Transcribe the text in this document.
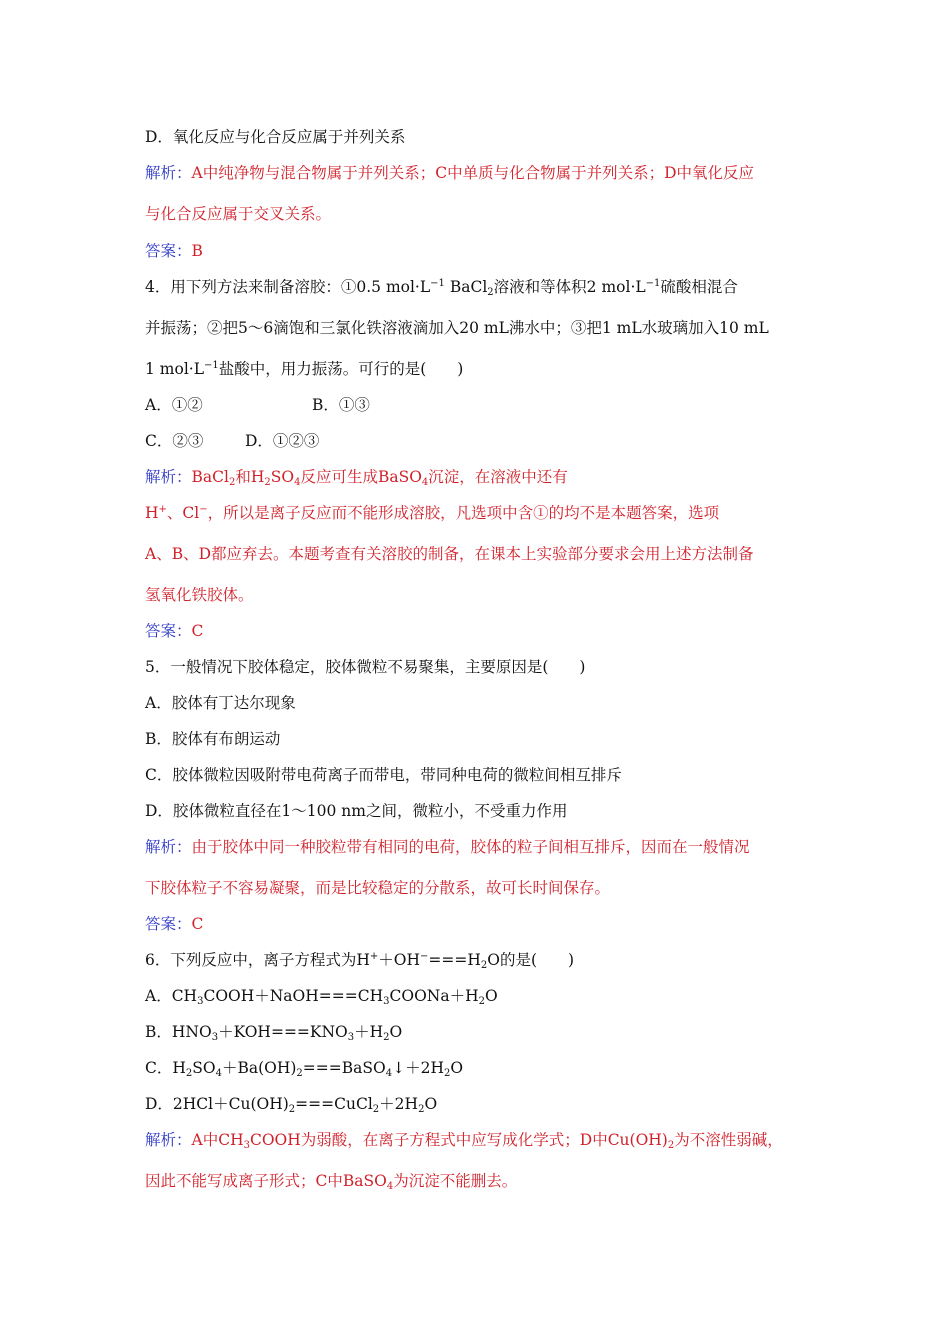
D．氧化反应与化合反应属于并列关系
解析：A中纯净物与混合物属于并列关系；C中单质与化合物属于并列关系；D中氧化反应
与化合反应属于交叉关系。
答案：B
4．用下列方法来制备溶胶：①0.5 $mol\cdot L^{-1}$ BaCl$_2$溶液和等体积2 $mol\cdot L^{-1}$硫酸相混合
并振荡；②把5～6滴饱和三氯化铁溶液滴加入20 mL沸水中；③把1 mL水玻璃加入10 mL
1 $mol\cdot L^{-1}$盐酸中，用力振荡。可行的是(　　)
A．①②	B．①③
C．②③	D．①②③
解析：BaCl$_2$和$H_2SO_4$反应可生成BaSO$_4$沉淀，在溶液中还有
H+、Cl−，所以是离子反应而不能形成溶胶，凡选项中含①的均不是本题答案，选项
A、B、D都应弃去。本题考查有关溶胶的制备，在课本上实验部分要求会用上述方法制备
氢氧化铁胶体。
答案：C
5．一般情况下胶体稳定，胶体微粒不易聚集，主要原因是(　　)
A．胶体有丁达尔现象
B．胶体有布朗运动
C．胶体微粒因吸附带电荷离子而带电，带同种电荷的微粒间相互排斥
D．胶体微粒直径在1～100 nm之间，微粒小，不受重力作用
解析：由于胶体中同一种胶粒带有相同的电荷，胶体的粒子间相互排斥，因而在一般情况
下胶体粒子不容易凝聚，而是比较稳定的分散系，故可长时间保存。
答案：C
6．下列反应中，离子方程式为$H^++OH^-===H_2O$的是(　　)
A．$CH_3COOH+NaOH===CH_3COONa+H_2O$
B．$HNO_3+KOH===KNO_3+H_2O$
C．$H_2SO_4+Ba(OH)_2===BaSO_4↓+2H_2O$
D．$2HCl+Cu(OH)_2===CuCl_2+2H_2O$
解析：A中$CH_3COOH$为弱酸，在离子方程式中应写成化学式；D中$Cu(OH)_2$为不溶性弱碱，
因此不能写成离子形式；C中BaSO$_4$为沉淀不能删去。
